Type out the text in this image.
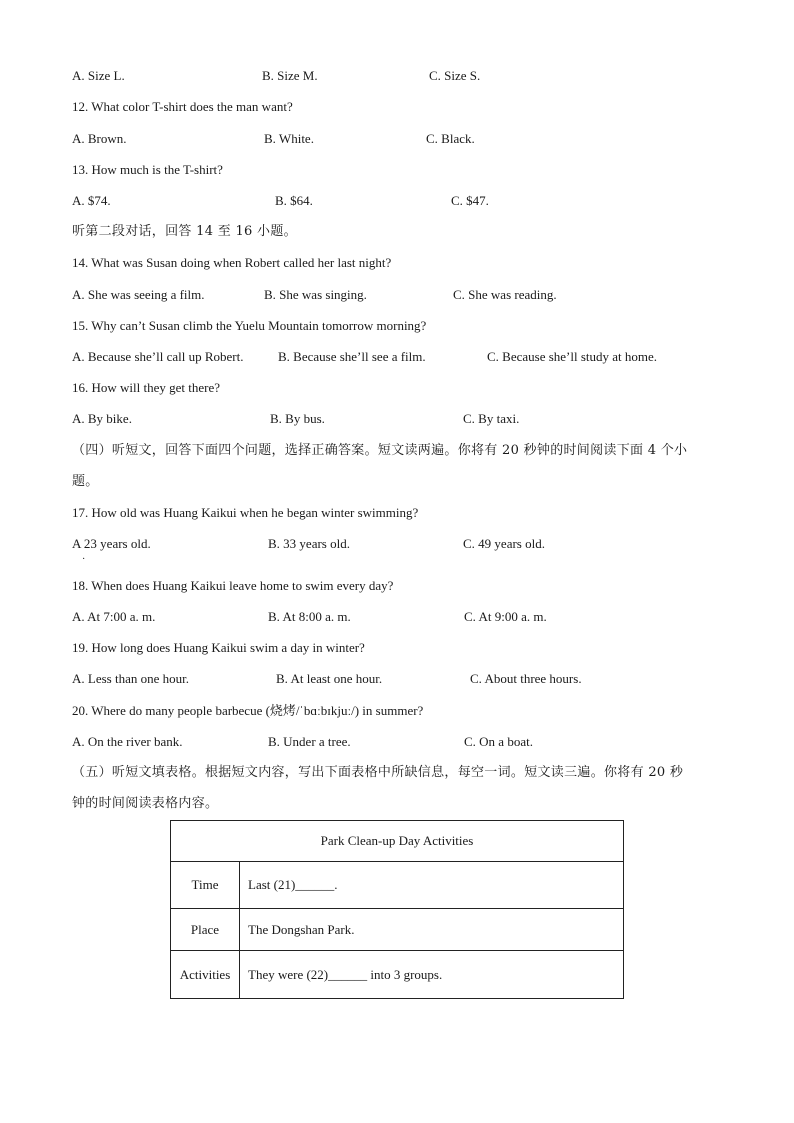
A. Size L.	B. Size M.	C. Size S.
12. What color T-shirt does the man want?
A. Brown.	B. White.	C. Black.
13. How much is the T-shirt?
A. $74.	B. $64.	C. $47.
听第二段对话，回答 14 至 16 小题。
14. What was Susan doing when Robert called her last night?
A. She was seeing a film.	B. She was singing.	C. She was reading.
15. Why can’t Susan climb the Yuelu Mountain tomorrow morning?
A. Because she’ll call up Robert.	B. Because she’ll see a film.	C. Because she’ll study at home.
16. How will they get there?
A. By bike.	B. By bus.	C. By taxi.
（四）听短文，回答下面四个问题，选择正确答案。短文读两遍。你将有 20 秒钟的时间阅读下面 4 个小
题。
17. How old was Huang Kaikui when he began winter swimming?
A 23 years old.
·
B. 33 years old.	C. 49 years old.
18. When does Huang Kaikui leave home to swim every day?
A. At 7:00 a. m.	B. At 8:00 a. m.	C. At 9:00 a. m.
19. How long does Huang Kaikui swim a day in winter?
A. Less than one hour.	B. At least one hour.	C. About three hours.
20. Where do many people barbecue (烧烤/ˈbɑːbɪkjuː/) in summer?
A. On the river bank.	B. Under a tree.	C. On a boat.
（五）听短文填表格。根据短文内容，写出下面表格中所缺信息，每空一词。短文读三遍。你将有 20 秒
钟的时间阅读表格内容。
Park Clean-up Day Activities	
Time	Last (21)______.
Place	The Dongshan Park.
Activities	They were (22)______ into 3 groups.
